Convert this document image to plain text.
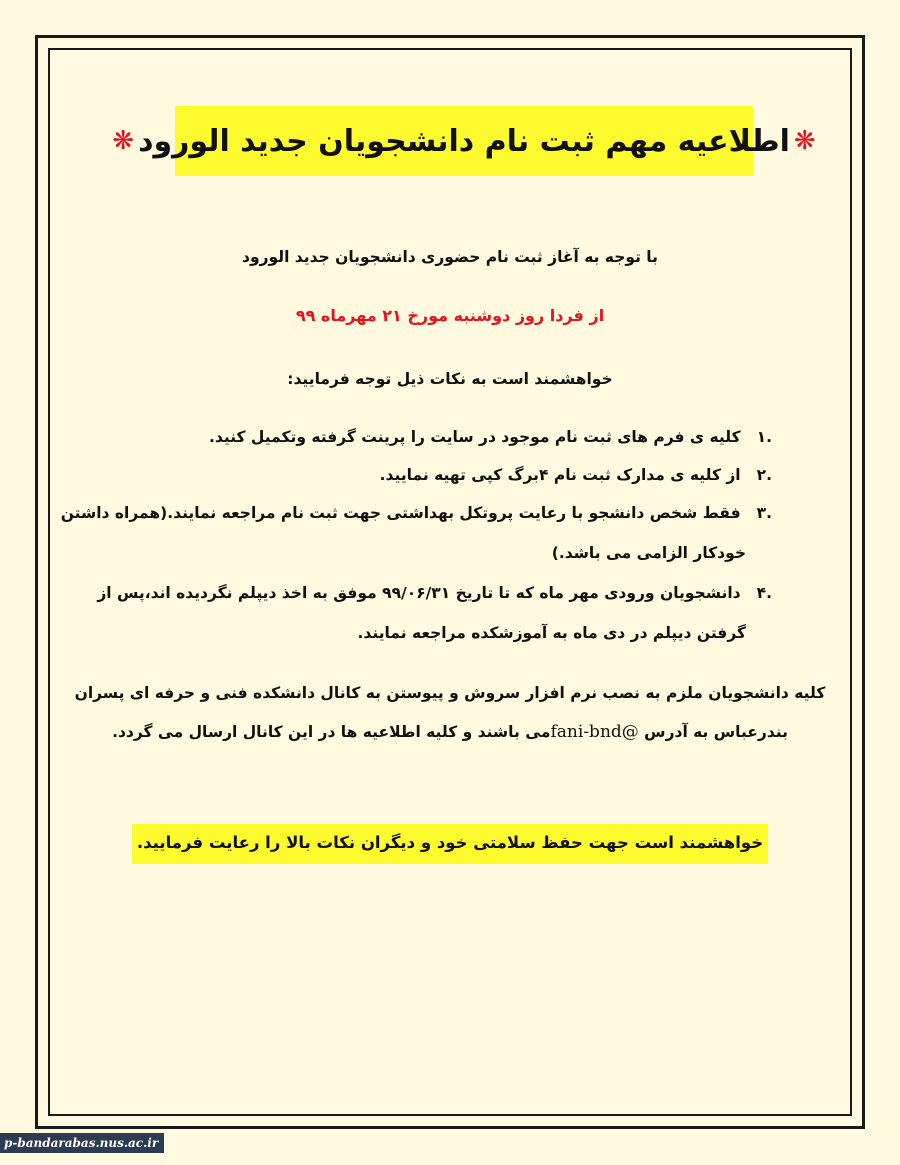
❋
اطلاعیه مهم ثبت نام دانشجویان جدید الورود
❋
با توجه به آغاز ثبت نام حضوری دانشجویان جدید الورود
از فردا روز دوشنبه مورخ ۲۱ مهرماه ۹۹
خواهشمند است به نکات ذیل توجه فرمایید:
.۱ کلیه ی فرم های ثبت نام موجود در سایت را پرینت گرفته وتکمیل کنید.
.۲ از کلیه ی مدارک ثبت نام ۴برگ کپی تهیه نمایید.
.۳ فقط شخص دانشجو با رعایت پروتکل بهداشتی جهت ثبت نام مراجعه نمایند.(همراه داشتن
خودکار الزامی می باشد.)
.۴ دانشجویان ورودی مهر ماه که تا تاریخ ۹۹/۰۶/۳۱ موفق به اخذ دیپلم نگردیده اند،پس از
گرفتن دیپلم در دی ماه به آموزشکده مراجعه نمایند.
کلیه دانشجویان ملزم به نصب نرم افزار سروش و پیوستن به کانال دانشکده فنی و حرفه ای پسران
بندرعباس به آدرس fani-bnd@می باشند و کلیه اطلاعیه ها در این کانال ارسال می گردد.
خواهشمند است جهت حفظ سلامتی خود و دیگران نکات بالا را رعایت فرمایید.
p-bandarabas.nus.ac.ir
